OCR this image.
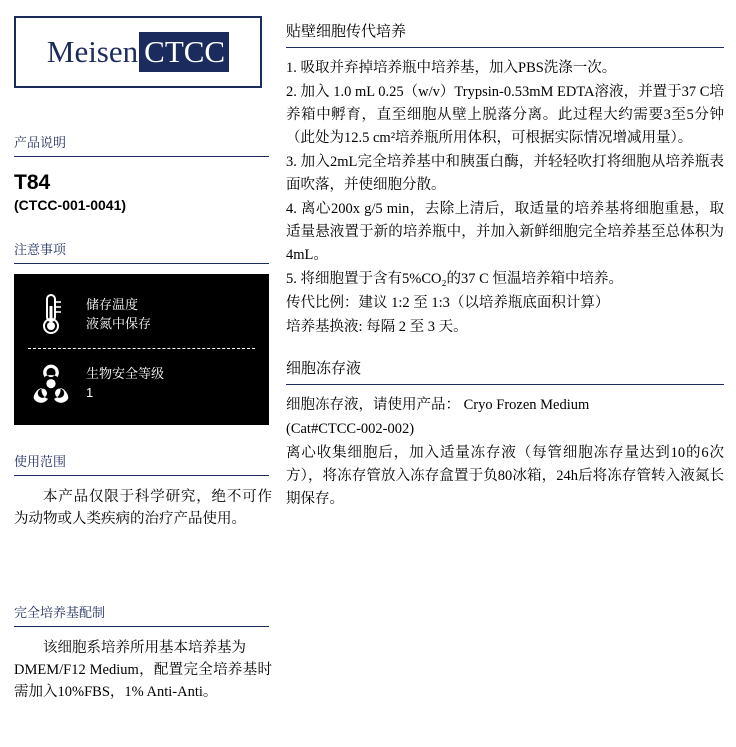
Meisen CTCC
产品说明
T84
(CTCC-001-0041)
注意事项
储存温度
液氮中保存
生物安全等级
1
使用范围
本产品仅限于科学研究，绝不可作为动物或人类疾病的治疗产品使用。
完全培养基配制
该细胞系培养所用基本培养基为
DMEM/F12 Medium，配置完全培养基时需加入10%FBS，1% Anti-Anti。
贴壁细胞传代培养

1. 吸取并弃掉培养瓶中培养基，加入PBS洗涤一次。

2. 加入 1.0 mL 0.25（w/v）Trypsin-0.53mM EDTA溶液，并置于37 C培养箱中孵育，直至细胞从壁上脱落分离。此过程大约需要3至5分钟（此处为12.5 cm²培养瓶所用体积，可根据实际情况增减用量）。

3. 加入2mL完全培养基中和胰蛋白酶，并轻轻吹打将细胞从培养瓶表面吹落，并使细胞分散。

4. 离心200x g/5 min，去除上清后，取适量的培养基将细胞重悬，取适量悬液置于新的培养瓶中，并加入新鲜细胞完全培养基至总体积为4mL。

5. 将细胞置于含有5%CO₂的37 C 恒温培养箱中培养。

传代比例：建议 1:2 至 1:3（以培养瓶底面积计算）

培养基换液: 每隔 2 至 3 天。

细胞冻存液

细胞冻存液，请使用产品： Cryo Frozen Medium

(Cat#CTCC-002-002)

离心收集细胞后，加入适量冻存液（每管细胞冻存量达到10的6次方），将冻存管放入冻存盒置于负80冰箱，24h后将冻存管转入液氮长期保存。
